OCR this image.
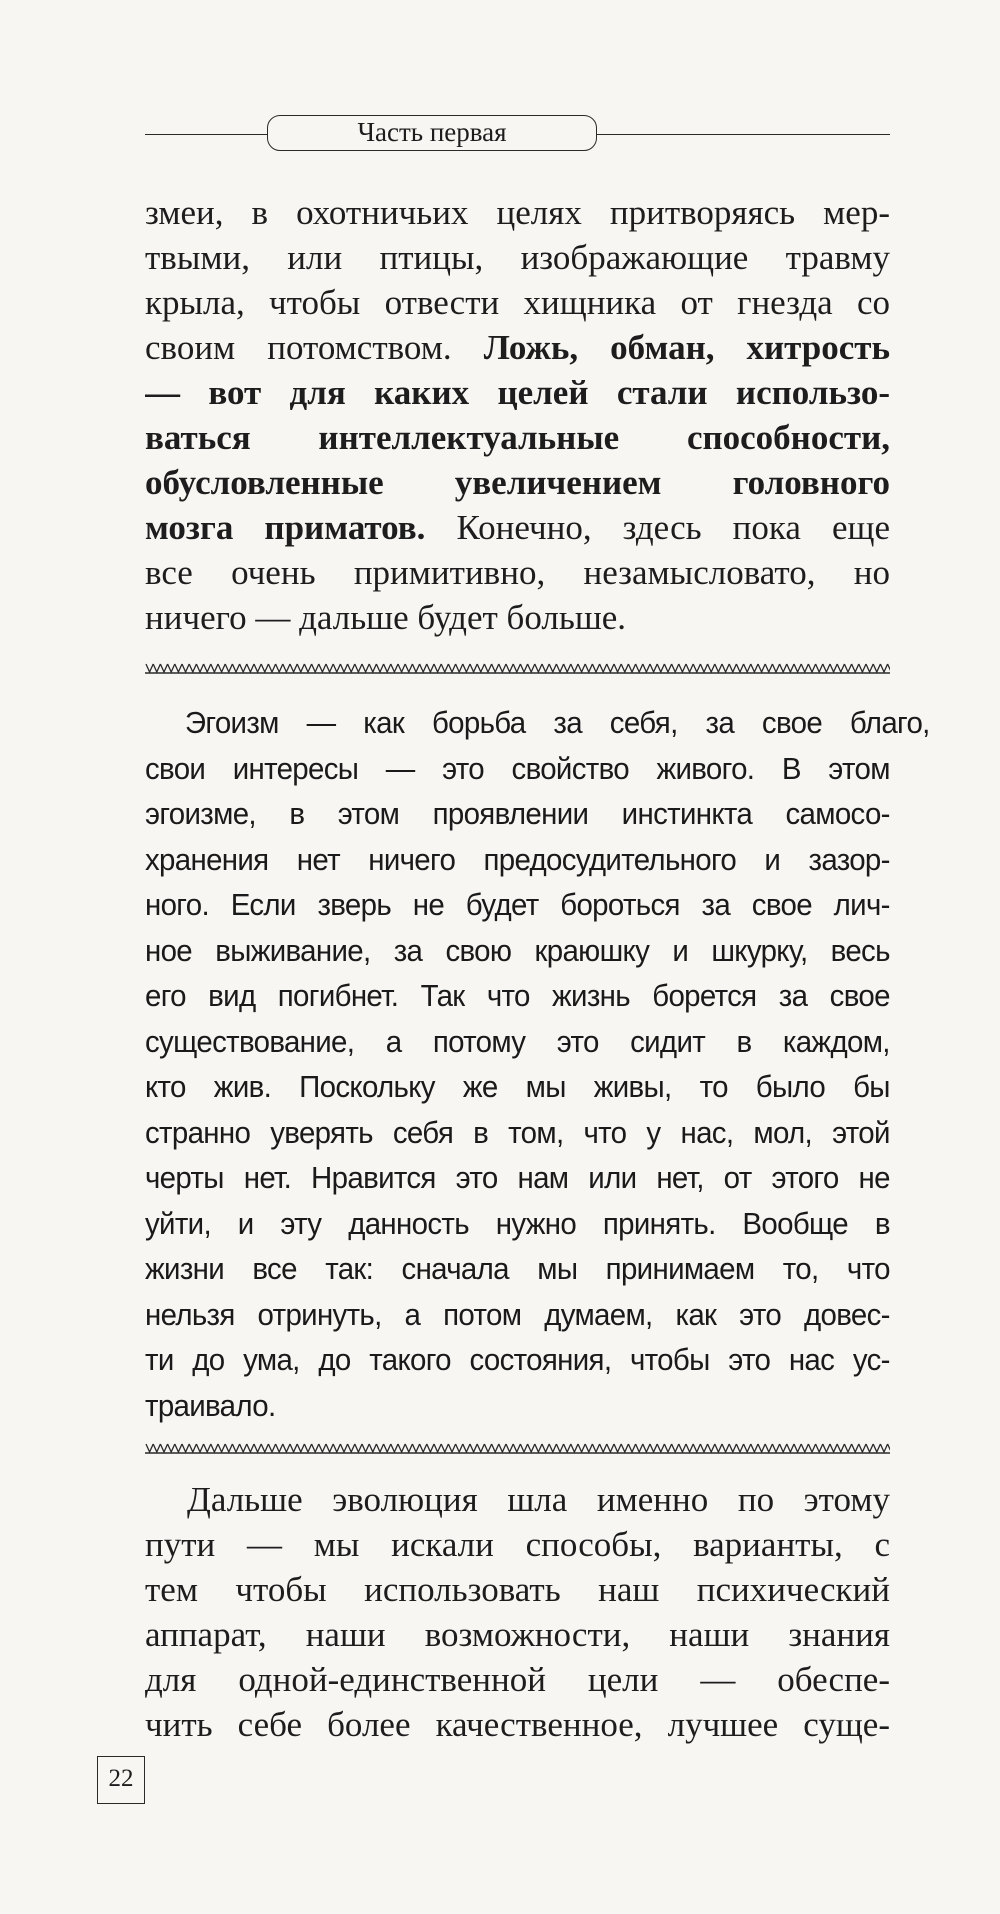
Часть первая
змеи, в охотничьих целях притворяясь мер-
твыми, или птицы, изображающие травму
крыла, чтобы отвести хищника от гнезда со
своим потомством. Ложь, обман, хитрость
— вот для каких целей стали использо-
ваться интеллектуальные способности,
обусловленные увеличением головного
мозга приматов. Конечно, здесь пока еще
все очень примитивно, незамысловато, но
ничего — дальше будет больше.
Эгоизм — как борьба за себя, за свое благо,
свои интересы — это свойство живого. В этом
эгоизме, в этом проявлении инстинкта самосо-
хранения нет ничего предосудительного и зазор-
ного. Если зверь не будет бороться за свое лич-
ное выживание, за свою краюшку и шкурку, весь
его вид погибнет. Так что жизнь борется за свое
существование, а потому это сидит в каждом,
кто жив. Поскольку же мы живы, то было бы
странно уверять себя в том, что у нас, мол, этой
черты нет. Нравится это нам или нет, от этого не
уйти, и эту данность нужно принять. Вообще в
жизни все так: сначала мы принимаем то, что
нельзя отринуть, а потом думаем, как это довес-
ти до ума, до такого состояния, чтобы это нас ус-
траивало.
Дальше эволюция шла именно по этому
пути — мы искали способы, варианты, с
тем чтобы использовать наш психический
аппарат, наши возможности, наши знания
для одной-единственной цели — обеспе-
чить себе более качественное, лучшее суще-
22
